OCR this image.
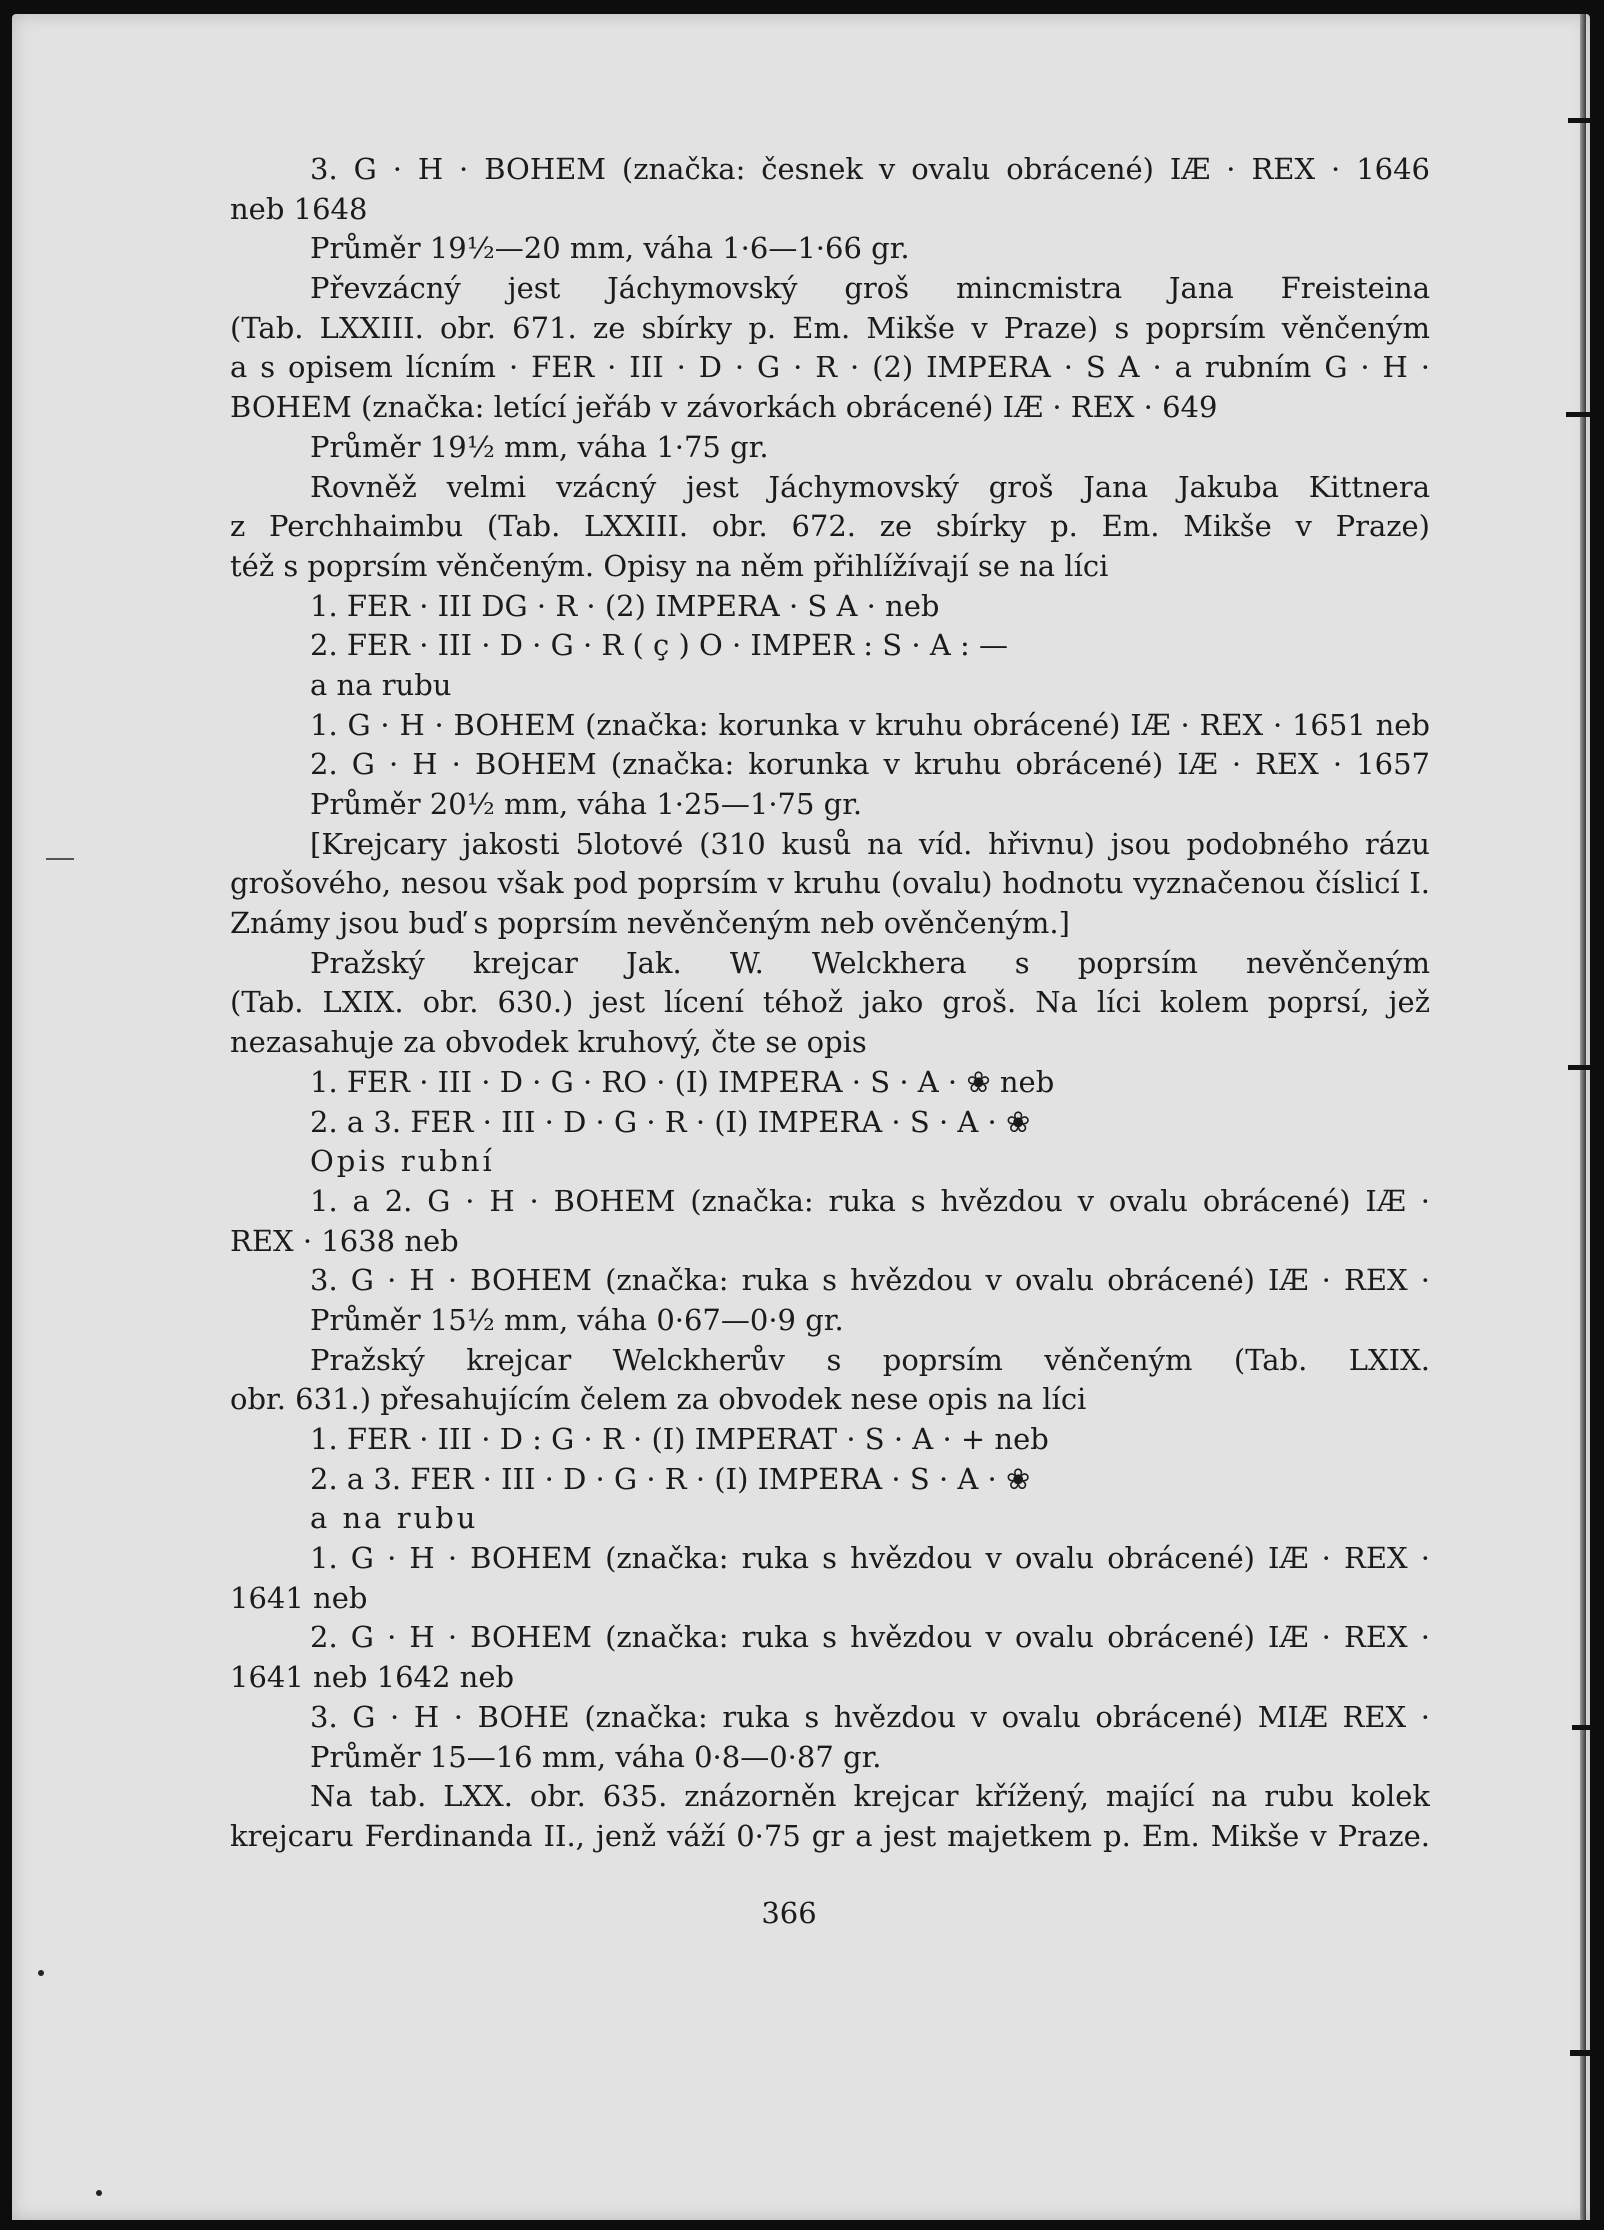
3. G · H · BOHEM (značka: česnek v ovalu obrácené) IÆ · REX · 1646
neb 1648
Průměr 19½—20 mm, váha 1·6—1·66 gr.
Převzácný jest Jáchymovský groš mincmistra Jana Freisteina
(Tab. LXXIII. obr. 671. ze sbírky p. Em. Mikše v Praze) s poprsím věnčeným
a s opisem lícním · FER · III · D · G · R · (2) IMPERA · S A · a rubním G · H ·
BOHEM (značka: letící jeřáb v závorkách obrácené) IÆ · REX · 649
Průměr 19½ mm, váha 1·75 gr.
Rovněž velmi vzácný jest Jáchymovský groš Jana Jakuba Kittnera
z Perchhaimbu (Tab. LXXIII. obr. 672. ze sbírky p. Em. Mikše v Praze)
též s poprsím věnčeným. Opisy na něm přihlížívají se na líci
1. FER · III DG · R · (2) IMPERA · S A · neb
2. FER · III · D · G · R ( ç ) O · IMPER : S · A : —
a na rubu
1. G · H · BOHEM (značka: korunka v kruhu obrácené) IÆ · REX · 1651 neb
2. G · H · BOHEM (značka: korunka v kruhu obrácené) IÆ · REX · 1657
Průměr 20½ mm, váha 1·25—1·75 gr.
[Krejcary jakosti 5lotové (310 kusů na víd. hřivnu) jsou podobného rázu
grošového, nesou však pod poprsím v kruhu (ovalu) hodnotu vyznačenou číslicí I.
Známy jsou buď s poprsím nevěnčeným neb ověnčeným.]
Pražský krejcar Jak. W. Welckhera s poprsím nevěnčeným
(Tab. LXIX. obr. 630.) jest lícení téhož jako groš. Na líci kolem poprsí, jež
nezasahuje za obvodek kruhový, čte se opis
1. FER · III · D · G · RO · (I) IMPERA · S · A · ❀ neb
2. a 3. FER · III · D · G · R · (I) IMPERA · S · A · ❀
Opis rubní
1. a 2. G · H · BOHEM (značka: ruka s hvězdou v ovalu obrácené) IÆ ·
REX · 1638 neb
3. G · H · BOHEM (značka: ruka s hvězdou v ovalu obrácené) IÆ · REX ·
Průměr 15½ mm, váha 0·67—0·9 gr.
Pražský krejcar Welckherův s poprsím věnčeným (Tab. LXIX.
obr. 631.) přesahujícím čelem za obvodek nese opis na líci
1. FER · III · D : G · R · (I) IMPERAT · S · A · + neb
2. a 3. FER · III · D · G · R · (I) IMPERA · S · A · ❀
a na rubu
1. G · H · BOHEM (značka: ruka s hvězdou v ovalu obrácené) IÆ · REX ·
1641 neb
2. G · H · BOHEM (značka: ruka s hvězdou v ovalu obrácené) IÆ · REX ·
1641 neb 1642 neb
3. G · H · BOHE (značka: ruka s hvězdou v ovalu obrácené) MIÆ REX ·
Průměr 15—16 mm, váha 0·8—0·87 gr.
Na tab. LXX. obr. 635. znázorněn krejcar křížený, mající na rubu kolek
krejcaru Ferdinanda II., jenž váží 0·75 gr a jest majetkem p. Em. Mikše v Praze.
366
